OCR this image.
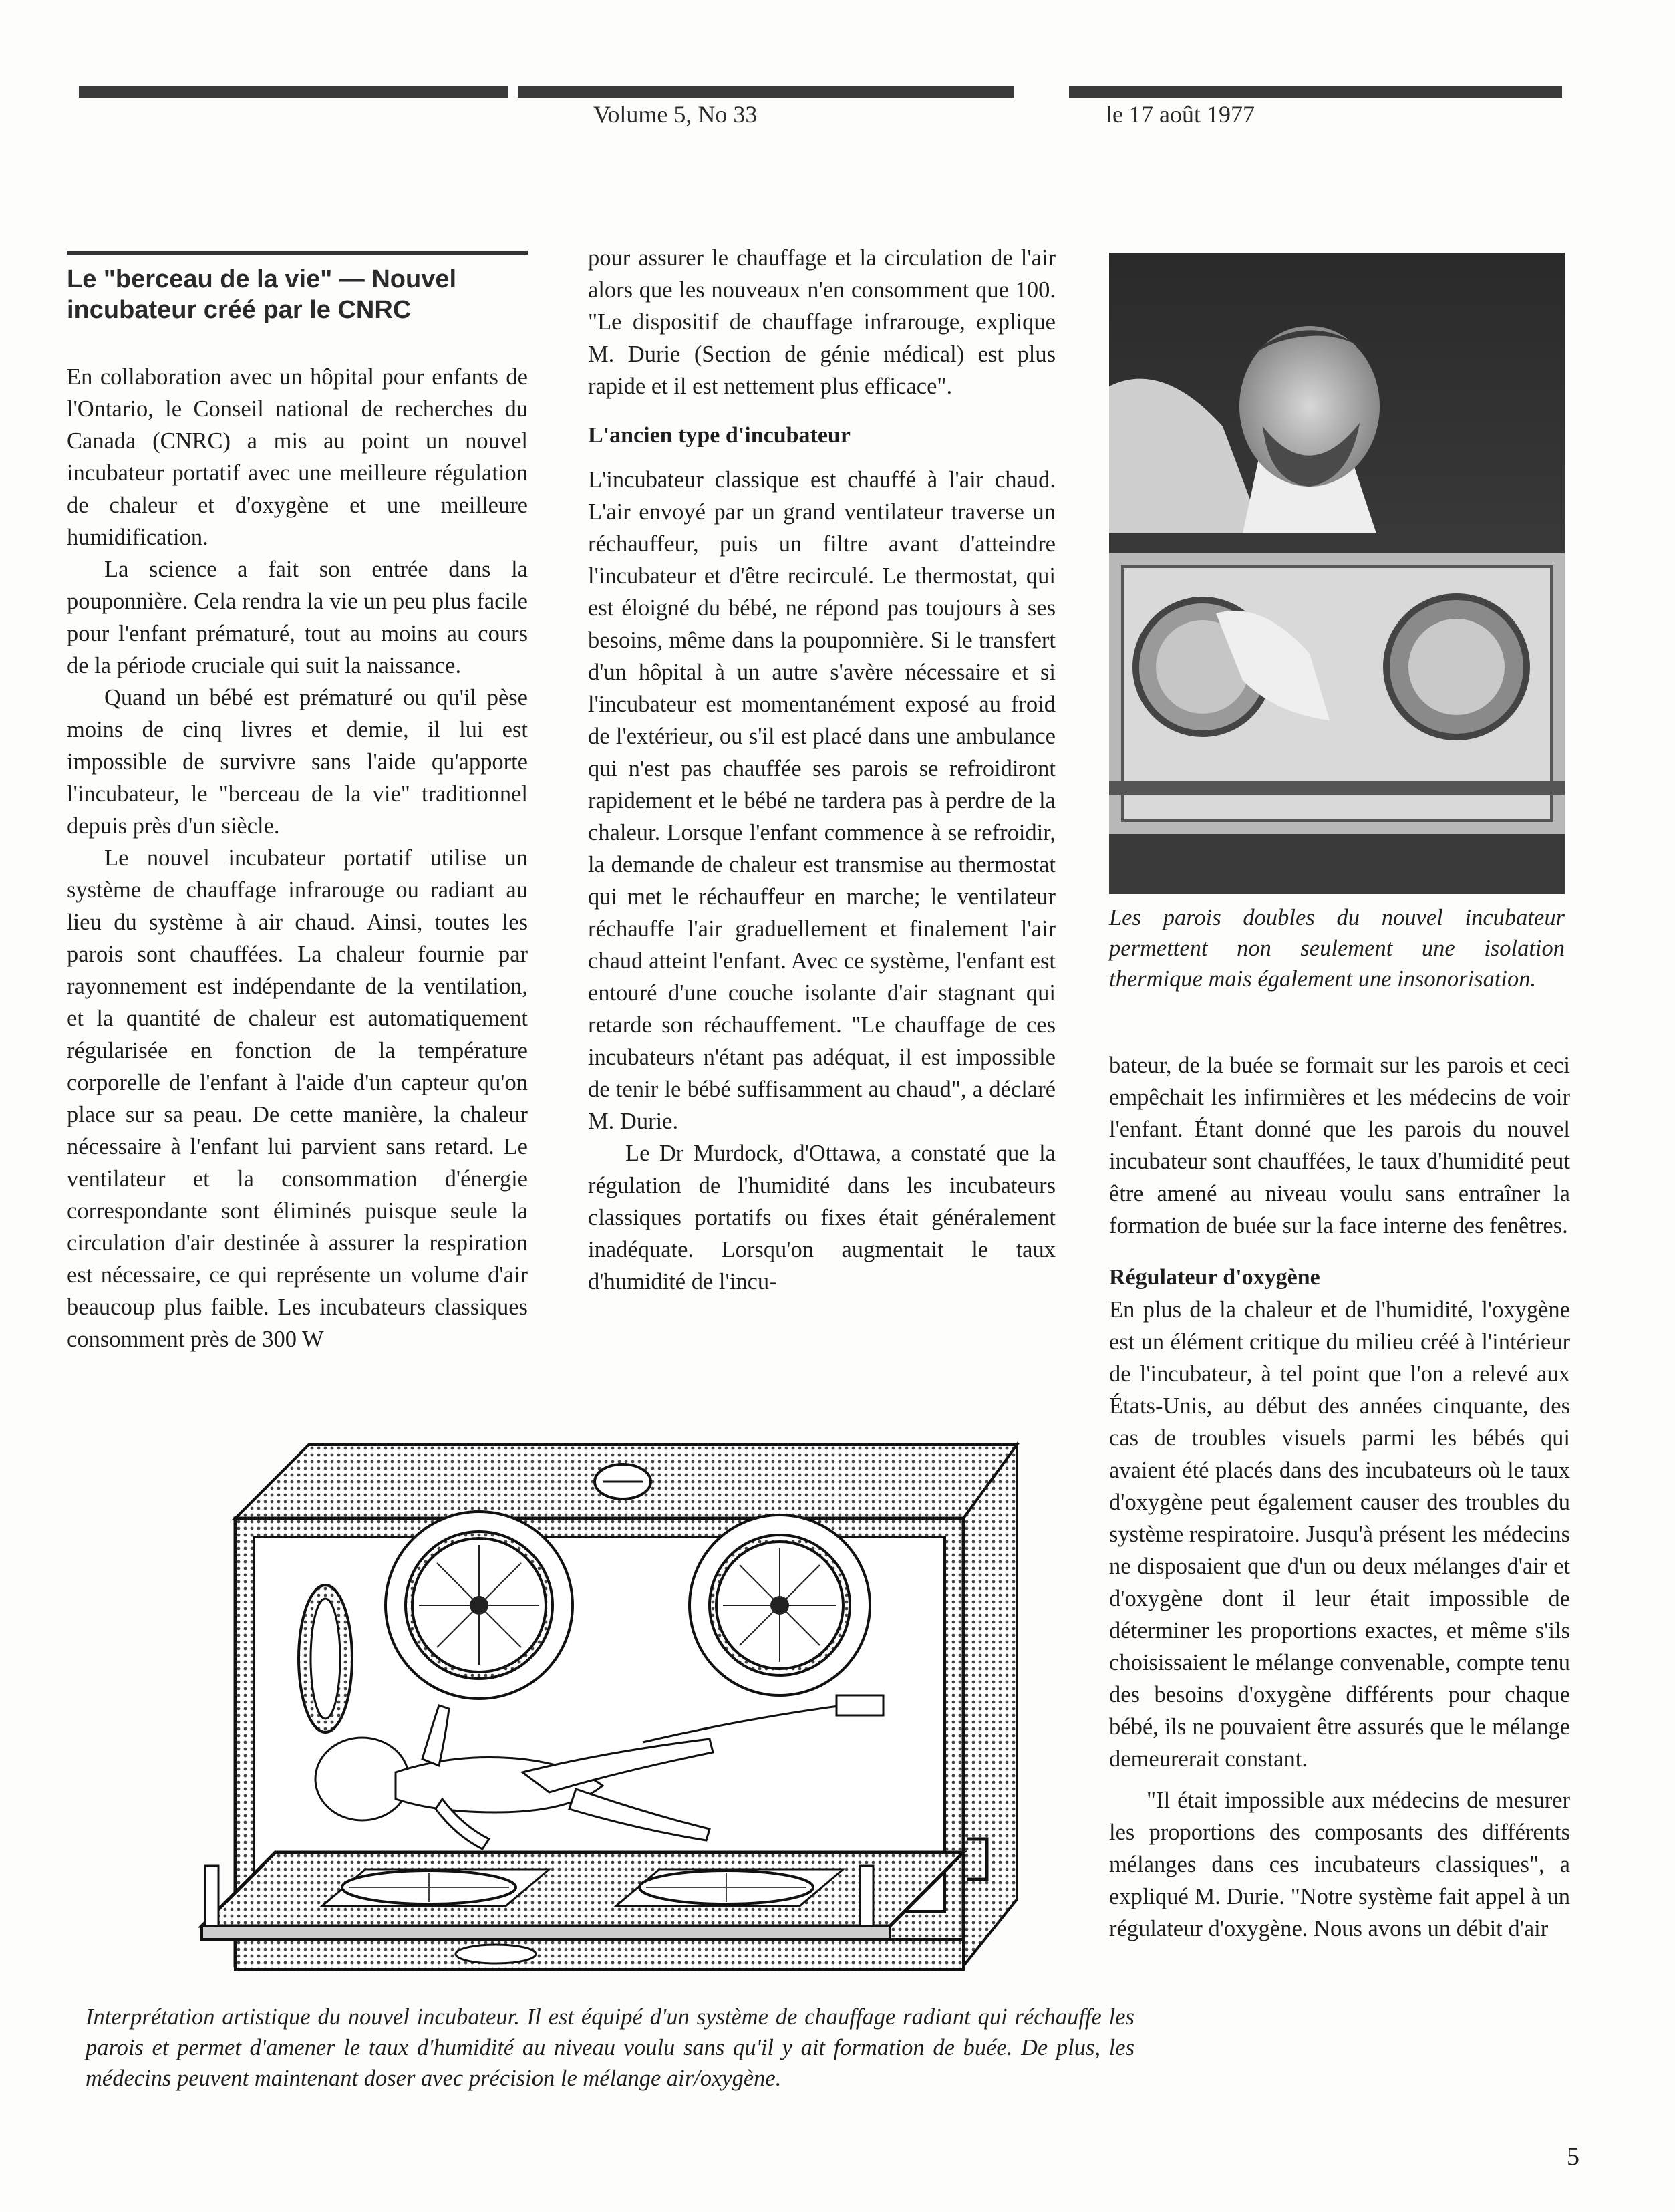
Volume 5, No 33	le 17 août 1977
Le "berceau de la vie" — Nouvel incubateur créé par le CNRC

En collaboration avec un hôpital pour enfants de l'Ontario, le Conseil national de recherches du Canada (CNRC) a mis au point un nouvel incubateur portatif avec une meilleure régulation de chaleur et d'oxygène et une meilleure humidification.

La science a fait son entrée dans la pouponnière. Cela rendra la vie un peu plus facile pour l'enfant prématuré, tout au moins au cours de la période cruciale qui suit la naissance.

Quand un bébé est prématuré ou qu'il pèse moins de cinq livres et demie, il lui est impossible de survivre sans l'aide qu'apporte l'incubateur, le "berceau de la vie" traditionnel depuis près d'un siècle.

Le nouvel incubateur portatif utilise un système de chauffage infrarouge ou radiant au lieu du système à air chaud. Ainsi, toutes les parois sont chauffées. La chaleur fournie par rayonnement est indépendante de la ventilation, et la quantité de chaleur est automatiquement régularisée en fonction de la température corporelle de l'enfant à l'aide d'un capteur qu'on place sur sa peau. De cette manière, la chaleur nécessaire à l'enfant lui parvient sans retard. Le ventilateur et la consommation d'énergie correspondante sont éliminés puisque seule la circulation d'air destinée à assurer la respiration est nécessaire, ce qui représente un volume d'air beaucoup plus faible. Les incubateurs classiques consomment près de 300 W

pour assurer le chauffage et la circulation de l'air alors que les nouveaux n'en consomment que 100. "Le dispositif de chauffage infrarouge, explique M. Durie (Section de génie médical) est plus rapide et il est nettement plus efficace".

L'ancien type d'incubateur

L'incubateur classique est chauffé à l'air chaud. L'air envoyé par un grand ventilateur traverse un réchauffeur, puis un filtre avant d'atteindre l'incubateur et d'être recirculé. Le thermostat, qui est éloigné du bébé, ne répond pas toujours à ses besoins, même dans la pouponnière. Si le transfert d'un hôpital à un autre s'avère nécessaire et si l'incubateur est momentanément exposé au froid de l'extérieur, ou s'il est placé dans une ambulance qui n'est pas chauffée ses parois se refroidiront rapidement et le bébé ne tardera pas à perdre de la chaleur. Lorsque l'enfant commence à se refroidir, la demande de chaleur est transmise au thermostat qui met le réchauffeur en marche; le ventilateur réchauffe l'air graduellement et finalement l'air chaud atteint l'enfant. Avec ce système, l'enfant est entouré d'une couche isolante d'air stagnant qui retarde son réchauffement. "Le chauffage de ces incubateurs n'étant pas adéquat, il est impossible de tenir le bébé suffisamment au chaud", a déclaré M. Durie.

Le Dr Murdock, d'Ottawa, a constaté que la régulation de l'humidité dans les incubateurs classiques portatifs ou fixes était généralement inadéquate. Lorsqu'on augmentait le taux d'humidité de l'incu-

Les parois doubles du nouvel incubateur permettent non seulement une isolation thermique mais également une insonorisation.

bateur, de la buée se formait sur les parois et ceci empêchait les infirmières et les médecins de voir l'enfant. Étant donné que les parois du nouvel incubateur sont chauffées, le taux d'humidité peut être amené au niveau voulu sans entraîner la formation de buée sur la face interne des fenêtres.

Régulateur d'oxygène

En plus de la chaleur et de l'humidité, l'oxygène est un élément critique du milieu créé à l'intérieur de l'incubateur, à tel point que l'on a relevé aux États-Unis, au début des années cinquante, des cas de troubles visuels parmi les bébés qui avaient été placés dans des incubateurs où le taux d'oxygène peut également causer des troubles du système respiratoire. Jusqu'à présent les médecins ne disposaient que d'un ou deux mélanges d'air et d'oxygène dont il leur était impossible de déterminer les proportions exactes, et même s'ils choisissaient le mélange convenable, compte tenu des besoins d'oxygène différents pour chaque bébé, ils ne pouvaient être assurés que le mélange demeurerait constant.

"Il était impossible aux médecins de mesurer les proportions des composants des différents mélanges dans ces incubateurs classiques", a expliqué M. Durie. "Notre système fait appel à un régulateur d'oxygène. Nous avons un débit d'air

Interprétation artistique du nouvel incubateur. Il est équipé d'un système de chauffage radiant qui réchauffe les parois et permet d'amener le taux d'humidité au niveau voulu sans qu'il y ait formation de buée. De plus, les médecins peuvent maintenant doser avec précision le mélange air/oxygène.
5
